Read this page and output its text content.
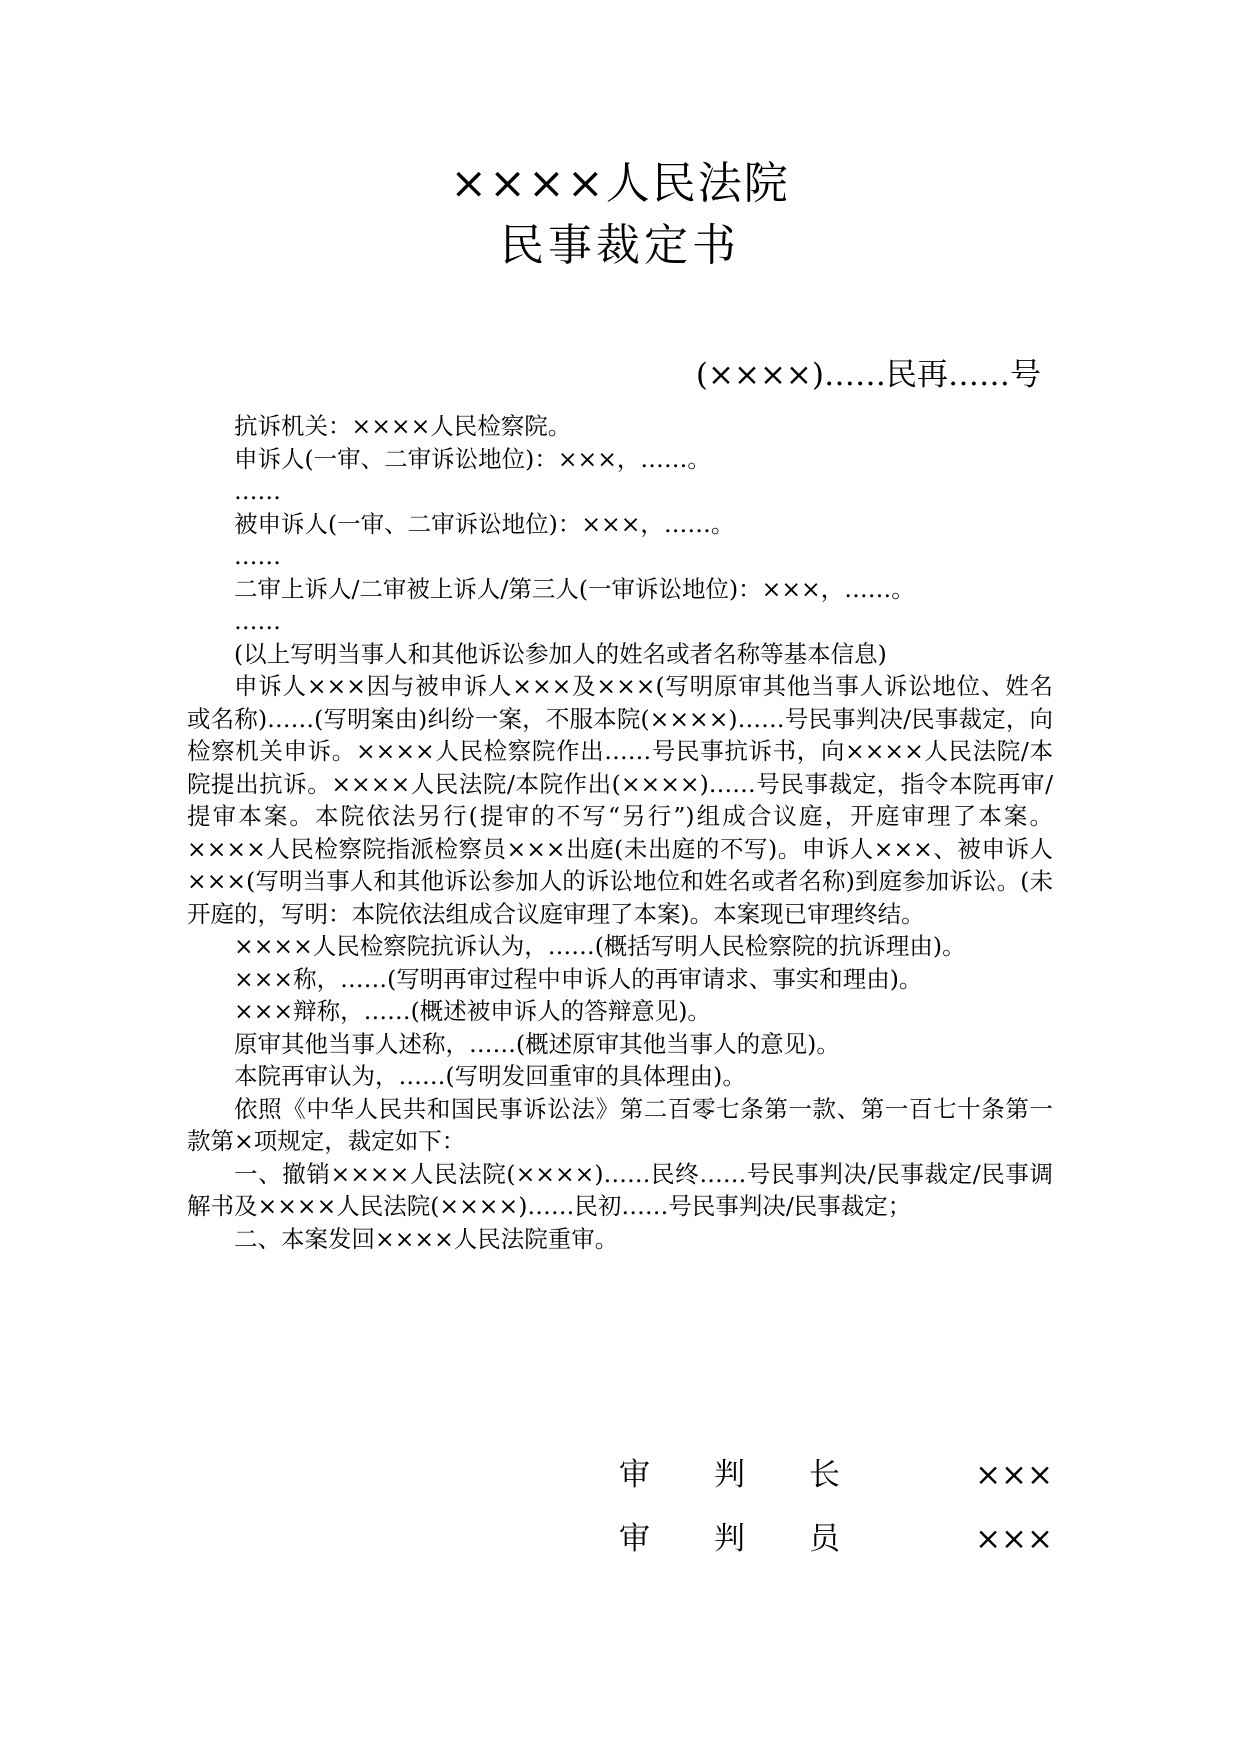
××××人民法院
民事裁定书
(××××)……民再……号

抗诉机关：××××人民检察院。

申诉人(一审、二审诉讼地位)：×××，……。

……

被申诉人(一审、二审诉讼地位)：×××，……。

……

二审上诉人/二审被上诉人/第三人(一审诉讼地位)：×××，……。

……

(以上写明当事人和其他诉讼参加人的姓名或者名称等基本信息)

申诉人×××因与被申诉人×××及×××(写明原审其他当事人诉讼地位、姓名或名称)……(写明案由)纠纷一案，不服本院(××××)……号民事判决/民事裁定，向检察机关申诉。××××人民检察院作出……号民事抗诉书，向××××人民法院/本院提出抗诉。××××人民法院/本院作出(××××)……号民事裁定，指令本院再审/提审本案。本院依法另行(提审的不写“另行”)组成合议庭，开庭审理了本案。××××人民检察院指派检察员×××出庭(未出庭的不写)。申诉人×××、被申诉人×××(写明当事人和其他诉讼参加人的诉讼地位和姓名或者名称)到庭参加诉讼。(未开庭的，写明：本院依法组成合议庭审理了本案)。本案现已审理终结。

××××人民检察院抗诉认为，……(概括写明人民检察院的抗诉理由)。

×××称，……(写明再审过程中申诉人的再审请求、事实和理由)。

×××辩称，……(概述被申诉人的答辩意见)。

原审其他当事人述称，……(概述原审其他当事人的意见)。

本院再审认为，……(写明发回重审的具体理由)。

依照《中华人民共和国民事诉讼法》第二百零七条第一款、第一百七十条第一款第×项规定，裁定如下：

一、撤销××××人民法院(××××)……民终……号民事判决/民事裁定/民事调解书及××××人民法院(××××)……民初……号民事判决/民事裁定；

二、本案发回××××人民法院重审。

审 判 长	×××
审 判 员	×××
